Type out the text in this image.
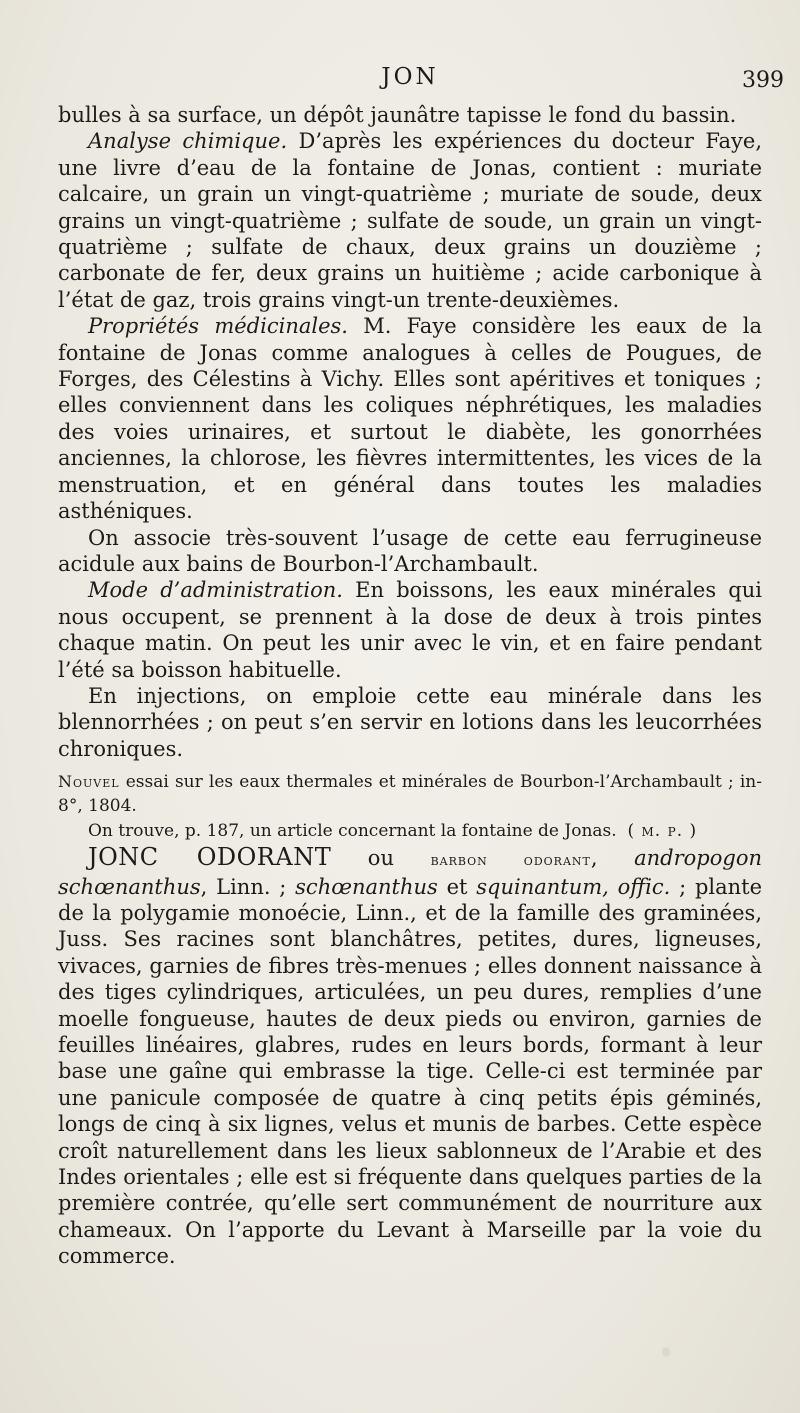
JON	399

bulles à sa surface, un dépôt jaunâtre tapisse le fond du bassin.

Analyse chimique. D’après les expériences du docteur Faye, une livre d’eau de la fontaine de Jonas, contient : muriate calcaire, un grain un vingt-quatrième ; muriate de soude, deux grains un vingt-quatrième ; sulfate de soude, un grain un vingt-quatrième ; sulfate de chaux, deux grains un douzième ; carbonate de fer, deux grains un huitième ; acide carbonique à l’état de gaz, trois grains vingt-un trente-deuxièmes.

Propriétés médicinales. M. Faye considère les eaux de la fontaine de Jonas comme analogues à celles de Pougues, de Forges, des Célestins à Vichy. Elles sont apéritives et toniques ; elles conviennent dans les coliques néphrétiques, les maladies des voies urinaires, et surtout le diabète, les gonorrhées anciennes, la chlorose, les fièvres intermittentes, les vices de la menstruation, et en général dans toutes les maladies asthéniques.

On associe très-souvent l’usage de cette eau ferrugineuse acidule aux bains de Bourbon-l’Archambault.

Mode d’administration. En boissons, les eaux minérales qui nous occupent, se prennent à la dose de deux à trois pintes chaque matin. On peut les unir avec le vin, et en faire pendant l’été sa boisson habituelle.

En injections, on emploie cette eau minérale dans les blennorrhées ; on peut s’en servir en lotions dans les leucorrhées chroniques.

Nouvel essai sur les eaux thermales et minérales de Bourbon-l’Archambault ; in-8°, 1804.

On trouve, p. 187, un article concernant la fontaine de Jonas. ( m. p. )

JONC ODORANT ou barbon odorant, andropogon schœnanthus, Linn. ; schœnanthus et squinantum, offic. ; plante de la polygamie monoécie, Linn., et de la famille des graminées, Juss. Ses racines sont blanchâtres, petites, dures, ligneuses, vivaces, garnies de fibres très-menues ; elles donnent naissance à des tiges cylindriques, articulées, un peu dures, remplies d’une moelle fongueuse, hautes de deux pieds ou environ, garnies de feuilles linéaires, glabres, rudes en leurs bords, formant à leur base une gaîne qui embrasse la tige. Celle-ci est terminée par une panicule composée de quatre à cinq petits épis géminés, longs de cinq à six lignes, velus et munis de barbes. Cette espèce croît naturellement dans les lieux sablonneux de l’Arabie et des Indes orientales ; elle est si fréquente dans quelques parties de la première contrée, qu’elle sert communément de nourriture aux chameaux. On l’apporte du Levant à Marseille par la voie du commerce.
